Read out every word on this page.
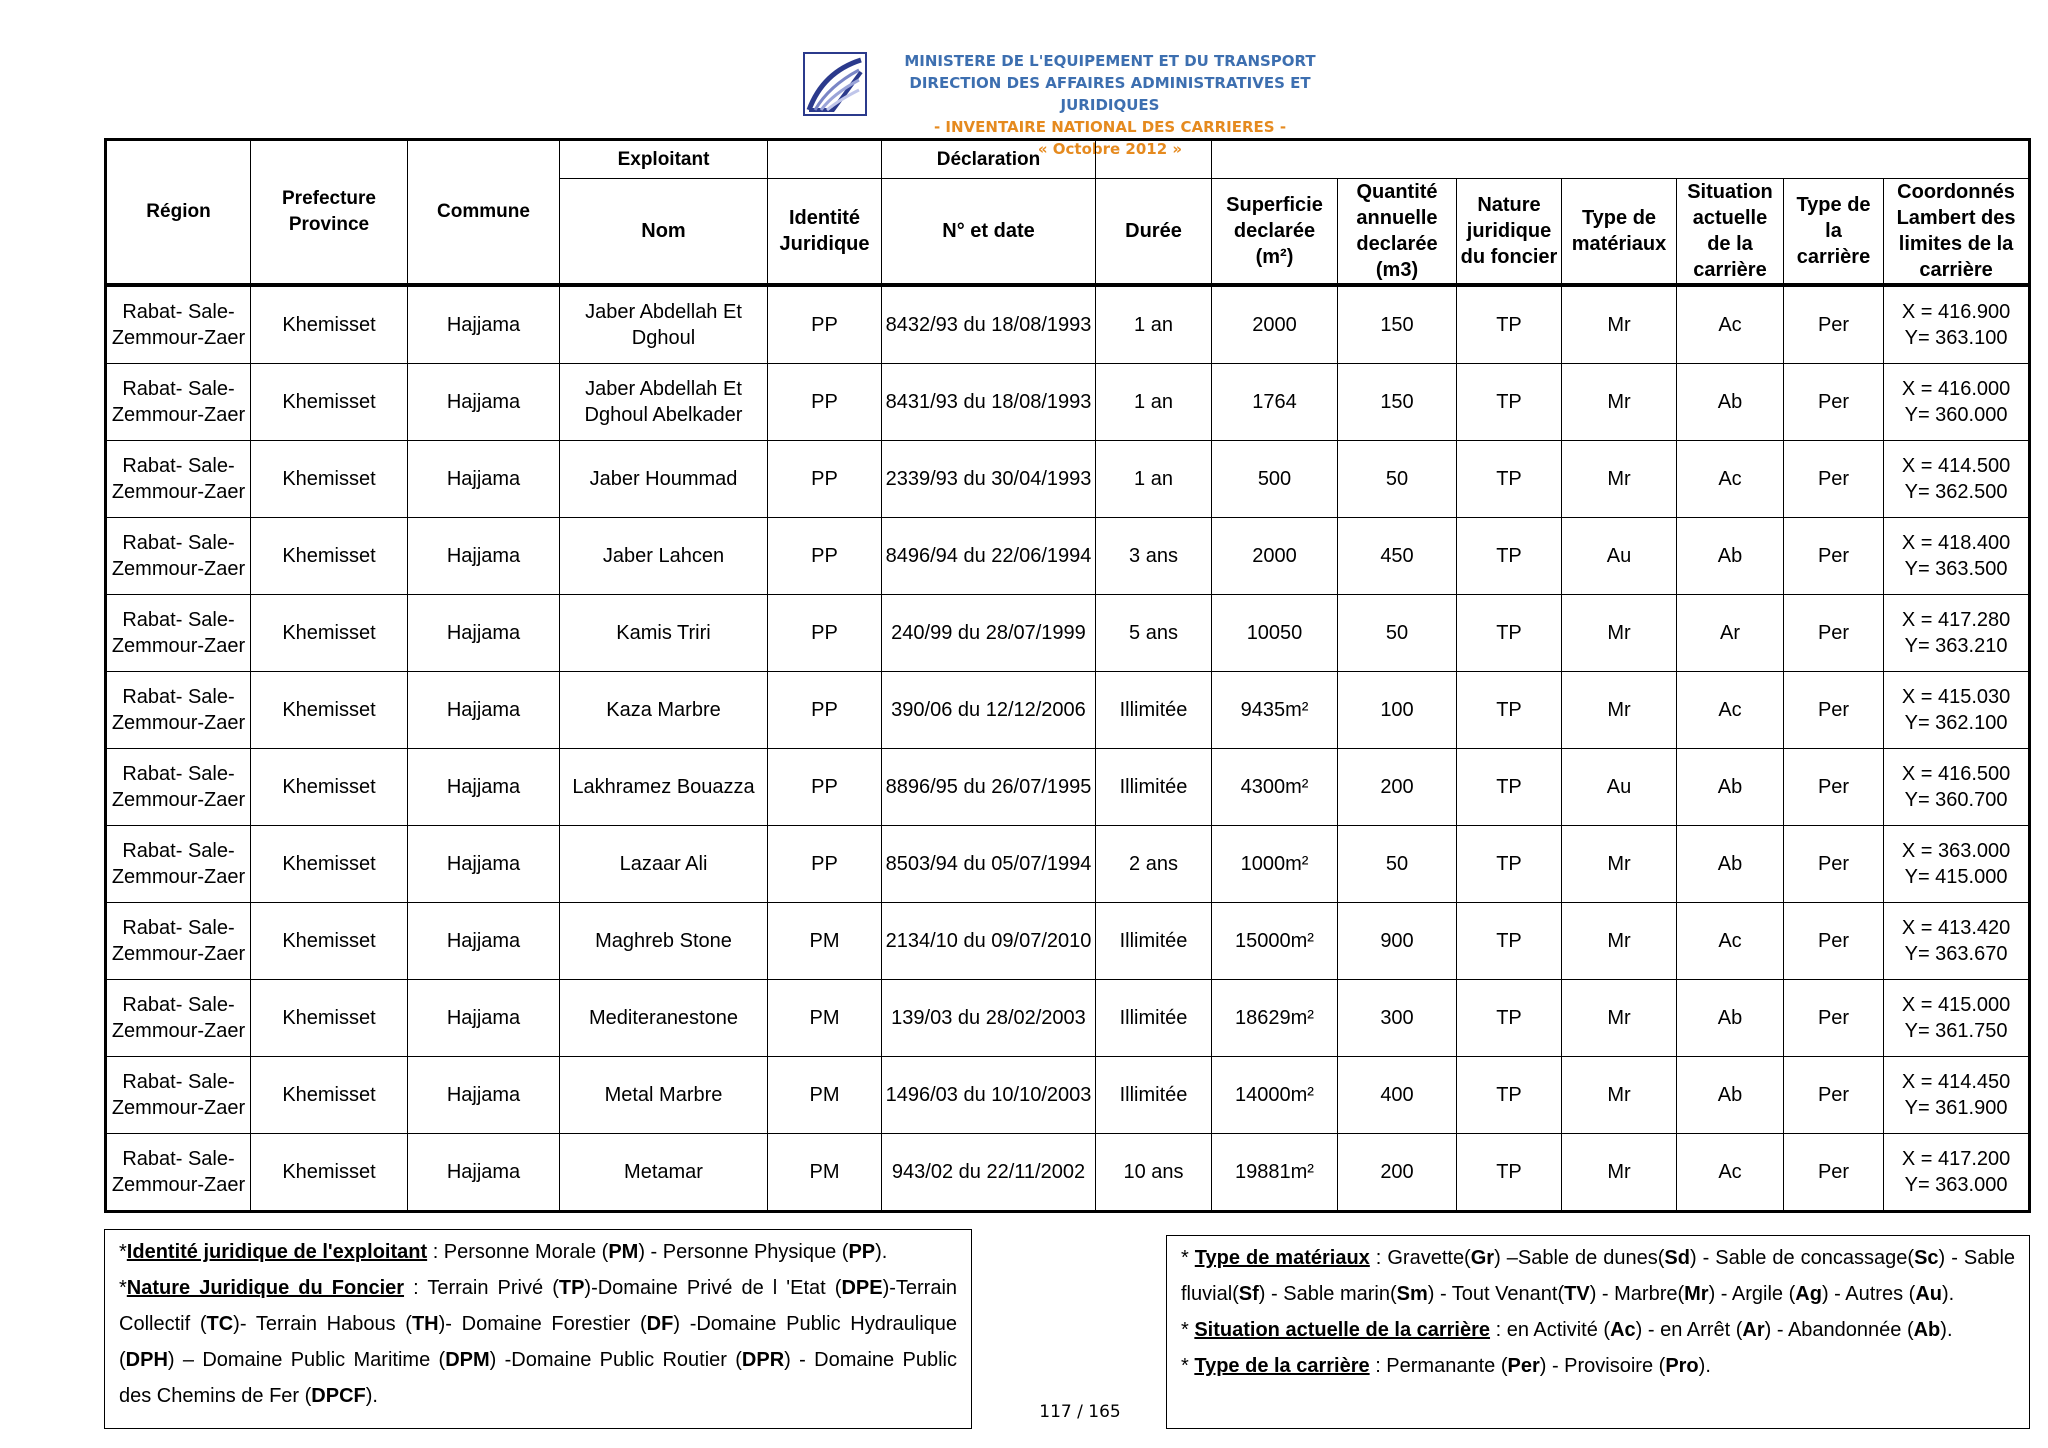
MINISTERE DE L'EQUIPEMENT ET DU TRANSPORT
DIRECTION DES AFFAIRES ADMINISTRATIVES ET JURIDIQUES
- INVENTAIRE NATIONAL DES CARRIERES -
« Octobre 2012 »
Région	Prefecture Province	Commune	Exploitant		Déclaration								
			Nom	Identité Juridique	N° et date	Durée	Superficie declarée (m²)	Quantité annuelle declarée (m3)	Nature juridique du foncier	Type de matériaux	Situation actuelle de la carrière	Type de la carrière	Coordonnés Lambert des limites de la carrière
Rabat- Sale-Zemmour-Zaer	Khemisset	Hajjama	Jaber Abdellah Et Dghoul	PP	8432/93 du 18/08/1993	1 an	2000	150	TP	Mr	Ac	Per	X = 416.900
Y= 363.100

Rabat- Sale-Zemmour-Zaer	Khemisset	Hajjama	Jaber Abdellah Et Dghoul Abelkader	PP	8431/93 du 18/08/1993	1 an	1764	150	TP	Mr	Ab	Per	X = 416.000
Y= 360.000

Rabat- Sale-Zemmour-Zaer	Khemisset	Hajjama	Jaber Hoummad	PP	2339/93 du 30/04/1993	1 an	500	50	TP	Mr	Ac	Per	X = 414.500
Y= 362.500

Rabat- Sale-Zemmour-Zaer	Khemisset	Hajjama	Jaber Lahcen	PP	8496/94 du 22/06/1994	3 ans	2000	450	TP	Au	Ab	Per	X = 418.400
Y= 363.500

Rabat- Sale-Zemmour-Zaer	Khemisset	Hajjama	Kamis Triri	PP	240/99 du 28/07/1999	5 ans	10050	50	TP	Mr	Ar	Per	X = 417.280
Y= 363.210

Rabat- Sale-Zemmour-Zaer	Khemisset	Hajjama	Kaza Marbre	PP	390/06 du 12/12/2006	Illimitée	9435m²	100	TP	Mr	Ac	Per	X = 415.030
Y= 362.100

Rabat- Sale-Zemmour-Zaer	Khemisset	Hajjama	Lakhramez Bouazza	PP	8896/95 du 26/07/1995	Illimitée	4300m²	200	TP	Au	Ab	Per	X = 416.500
Y= 360.700

Rabat- Sale-Zemmour-Zaer	Khemisset	Hajjama	Lazaar Ali	PP	8503/94 du 05/07/1994	2 ans	1000m²	50	TP	Mr	Ab	Per	X = 363.000
Y= 415.000

Rabat- Sale-Zemmour-Zaer	Khemisset	Hajjama	Maghreb Stone	PM	2134/10 du 09/07/2010	Illimitée	15000m²	900	TP	Mr	Ac	Per	X = 413.420
Y= 363.670

Rabat- Sale-Zemmour-Zaer	Khemisset	Hajjama	Mediteranestone	PM	139/03 du 28/02/2003	Illimitée	18629m²	300	TP	Mr	Ab	Per	X = 415.000
Y= 361.750

Rabat- Sale-Zemmour-Zaer	Khemisset	Hajjama	Metal Marbre	PM	1496/03 du 10/10/2003	Illimitée	14000m²	400	TP	Mr	Ab	Per	X = 414.450
Y= 361.900

Rabat- Sale-Zemmour-Zaer	Khemisset	Hajjama	Metamar	PM	943/02 du 22/11/2002	10 ans	19881m²	200	TP	Mr	Ac	Per	X = 417.200
Y= 363.000

*Identité juridique de l'exploitant : Personne Morale (PM) - Personne Physique (PP).

*Nature Juridique du Foncier : Terrain Privé (TP)-Domaine Privé de l 'Etat (DPE)-Terrain Collectif (TC)- Terrain Habous (TH)- Domaine Forestier (DF) -Domaine Public Hydraulique (DPH) – Domaine Public Maritime (DPM) -Domaine Public Routier (DPR) - Domaine Public des Chemins de Fer (DPCF).

* Type de matériaux : Gravette(Gr) –Sable de dunes(Sd) - Sable de concassage(Sc) - Sable fluvial(Sf) - Sable marin(Sm) - Tout Venant(TV) - Marbre(Mr) - Argile (Ag) - Autres (Au).

* Situation actuelle de la carrière : en Activité (Ac) - en Arrêt (Ar) - Abandonnée (Ab).

* Type de la carrière : Permanante (Per) - Provisoire (Pro).

117 / 165
